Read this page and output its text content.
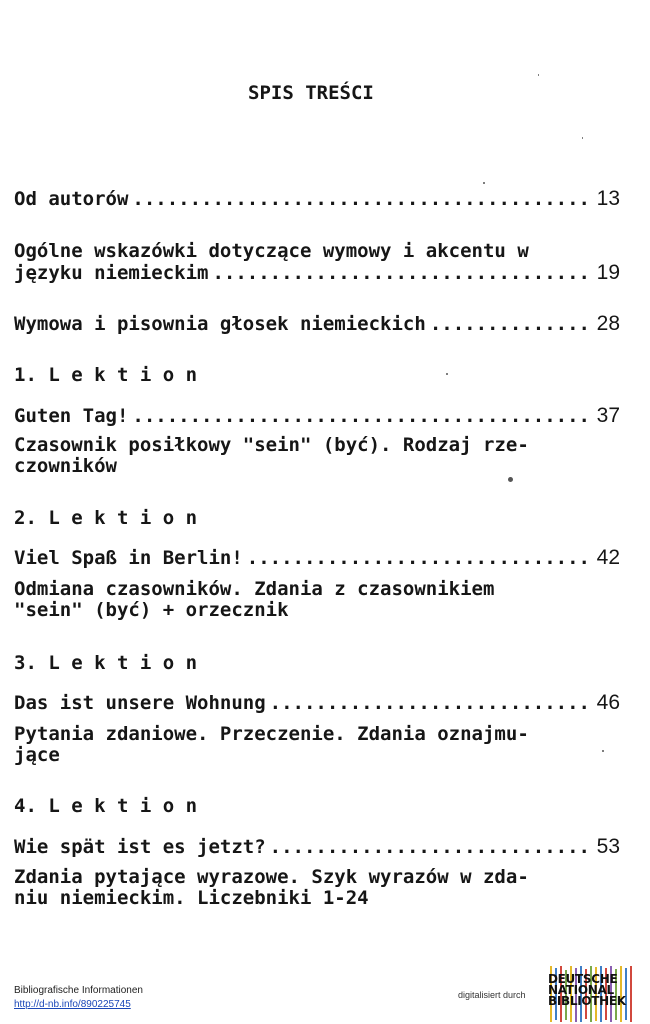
SPIS TREŚCI
Od autorów .....	13
Ogólne wskazówki dotyczące wymowy i akcentu w
języku niemieckim .....	19
Wymowa i pisownia głosek niemieckich .....	28
1. L e k t i o n
Guten Tag! .....	37
Czasownik posiłkowy "sein" (być). Rodzaj rze-
czowników
2. L e k t i o n
Viel Spaß in Berlin! .....	42
Odmiana czasowników. Zdania z czasownikiem
"sein" (być) + orzecznik
3. L e k t i o n
Das ist unsere Wohnung .....	46
Pytania zdaniowe. Przeczenie. Zdania oznajmu-
jące
4. L e k t i o n
Wie spät ist es jetzt? .....	53
Zdania pytające wyrazowe. Szyk wyrazów w zda-
niu niemieckim. Liczebniki 1-24
Bibliografische Informationen
http://d-nb.info/890225745
digitalisiert durch
DEUTSCHE
NATIONAL
BIBLIOTHEK
